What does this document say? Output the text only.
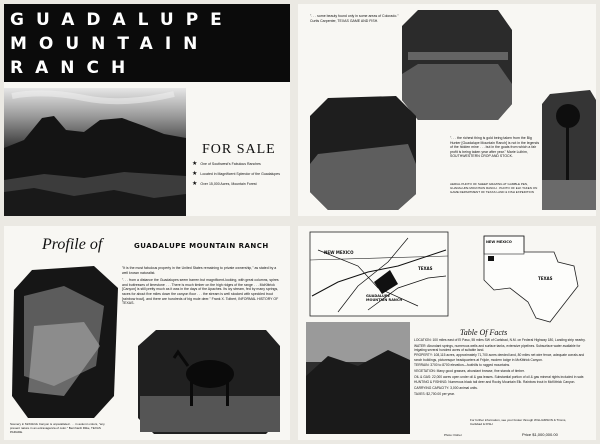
GUADALUPE
MOUNTAIN
RANCH
FOR SALE
★ One of Southwest's Fabulous Ranches
★ Located in Magnificent Splendor of the Guadalupes
★ Over 15,000 Acres, Mountain Forest
". . . some beauty found only in some areas of Colorado." Curtis Carpenter, TEXAS GAME AND FISH.
". . . the richest thing is gold being taken from the Big Hunter [Guadalupe Mountain Ranch] is not in the legends of the hidden mine . . . but in the goats from which a fair profit is being taken year after year." Marie Lulhim, SOUTHWESTERN CROP AND STOCK.
AERIAL PHOTO OF SHEEP GRAZING AT GAMBLE PEN, GUADALUPE MOUNTAIN RANCH · PHOTO OF ELK TAKEN ON GAME DEPARTMENT OF TEXAS LAND & FISH EXPEDITION
Profile of	GUADALUPE MOUNTAIN RANCH

"It is the most fabulous property in the United States remaining to private ownership," as stated by a well known naturalist.

". . . from a distance the Guadalupes seem barren but magnificent-looking, with great columns, spires and buttresses of limestone . . . There is much timber on the high ridges of the range . . . McKittrick [Canyon] is still pretty much as it was in the days of the Apaches. Its icy stream, fed by many springs, races for about five miles down the canyon floor . . . the stream is well stocked with speckled trout [rainbow trout], and there are hundreds of big mule deer." Frank X. Tolbert, INFORMAL HISTORY OF TEXAS.

Scenery in McKittrick Canyon is unparalleled . . . in autumn colors, "any present nature in an extravaganza of color." Bernhardt Rilke, TEXAS PARADE.
NEW MEXICO
TEXAS
GUADALUPE MOUNTAIN RANCH
NEW MEXICO
TEXAS
Table Of Facts

LOCATION: 100 miles east of El Paso, 55 miles SW of Carlsbad, N.M. on Federal Highway 180, Landing strip nearby.

WATER: Abundant springs, numerous wells and surface tanks, extensive pipelines. Subsurface water available for irrigating several hundred acres of suitable land.

PROPERTY: 108,115 acres, approximately 71,700 acres deeded land, 80 miles net wire fence, adequate corrals and ranch buildings, picturesque headquarters at Frijole, modern lodge in McKittrick Canyon.

TERRAIN: 3700 to 8700 elevation—foothills to rugged mountains.

VEGETATION: Many good grasses, abundant browse, fine stands of timber.

OIL & GAS: 22,000 acres open under oil & gas leases. Substantial portion of oil & gas mineral rights included in sale.

HUNTING & FISHING: Numerous black tail deer and Rocky Mountain Elk. Rainbow trout in McKittrick Canyon.

CARRYING CAPACITY: 3,000 animal units.

TAXES: $2,700.00 per year.

For further information, see your broker through WILLIAMSON & Timms, Carlsbad & FISH
Photo: Fisher	Price $1,000,000.00
